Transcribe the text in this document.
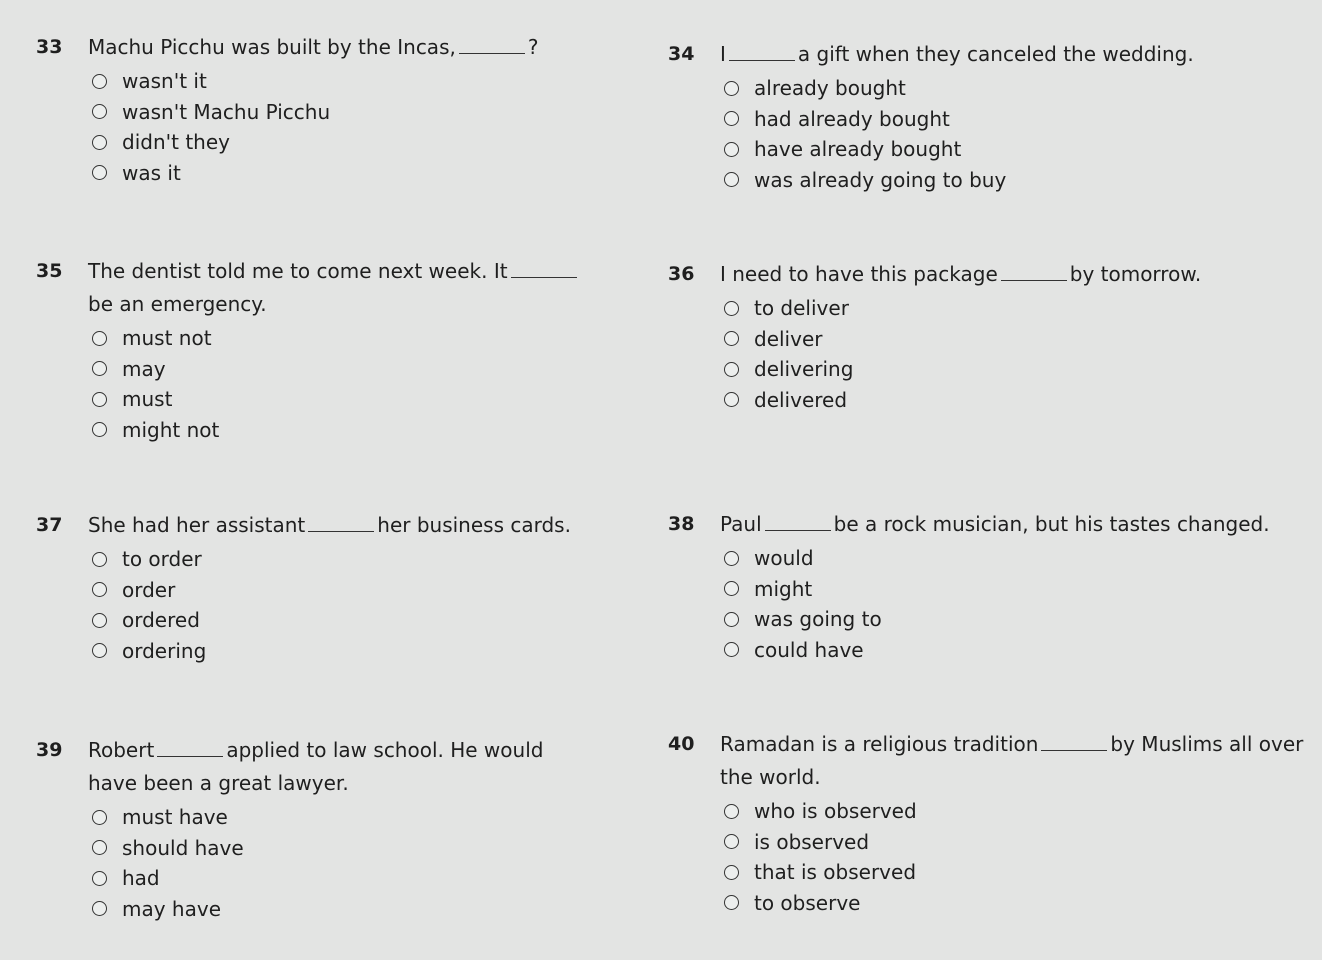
33 Machu Picchu was built by the Incas,	?
wasn't it
wasn't Machu Picchu
didn't they
was it
34 I	a gift when they canceled the wedding.
already bought
had already bought
have already bought
was already going to buy
35 The dentist told me to come next week. It
be an emergency.
must not
may
must
might not
36 I need to have this package	by tomorrow.
to deliver
deliver
delivering
delivered
37 She had her assistant	her business cards.
to order
order
ordered
ordering
38 Paul	be a rock musician, but his tastes changed.
would
might
was going to
could have
39 Robert	applied to law school. He would
have been a great lawyer.
must have
should have
had
may have
40 Ramadan is a religious tradition	by Muslims all over
the world.
who is observed
is observed
that is observed
to observe
